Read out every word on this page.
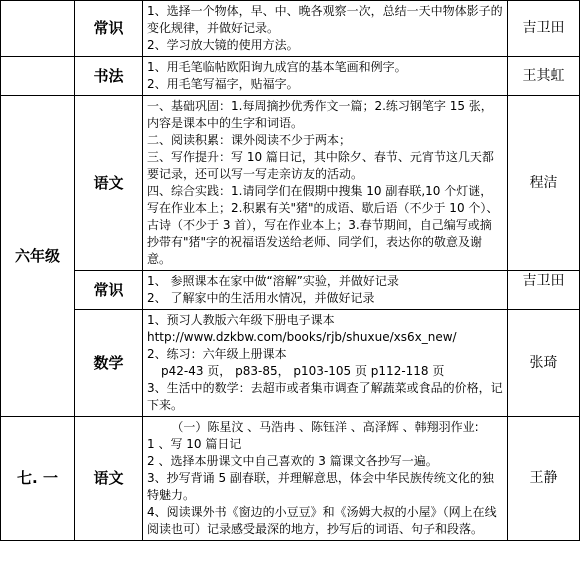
	常识	1、选择一个物体，早、中、晚各观察一次，总结一天中物体影子的变化规律，并做好记录。
2、学习放大镜的使用方法。	吉卫田
	书法	1、用毛笔临帖欧阳询九成宫的基本笔画和例字。
2、用毛笔写福字，贴福字。	王其虹
六年级	语文	一、基础巩固：1.每周摘抄优秀作文一篇；2.练习钢笔字 15 张，内容是课本中的生字和词语。
二、阅读积累：课外阅读不少于两本；
三、写作提升：写 10 篇日记，其中除夕、春节、元宵节这几天都要记录，还可以写一写走亲访友的活动。
四、综合实践：1.请同学们在假期中搜集 10 副春联,10 个灯谜，写在作业本上；2.积累有关"猪"的成语、歇后语（不少于 10 个）、古诗（不少于 3 首），写在作业本上；3.春节期间，自己编写或摘抄带有"猪"字的祝福语发送给老师、同学们，表达你的敬意及谢意。	程洁
	常识	1、 参照课本在家中做“溶解”实验，并做好记录
2、 了解家中的生活用水情况，并做好记录	吉卫田
	数学	1、预习人教版六年级下册电子课本
http://www.dzkbw.com/books/rjb/shuxue/xs6x_new/
2、练习：六年级上册课本
p42-43 页， p83-85， p103-105 页 p112-118 页
3、生活中的数学：去超市或者集市调查了解蔬菜或食品的价格，记下来。	张琦
七. 一	语文	（一）陈星汶 、马浩冉 、陈钰洋 、高泽辉 、韩翔羽作业:
1 、写 10 篇日记
2 、选择本册课文中自己喜欢的 3 篇课文各抄写一遍。
3、抄写背诵 5 副春联，并理解意思，体会中华民族传统文化的独特魅力。
4、阅读课外书《窗边的小豆豆》和《汤姆大叔的小屋》（网上在线阅读也可）记录感受最深的地方，抄写后的词语、句子和段落。	王静
